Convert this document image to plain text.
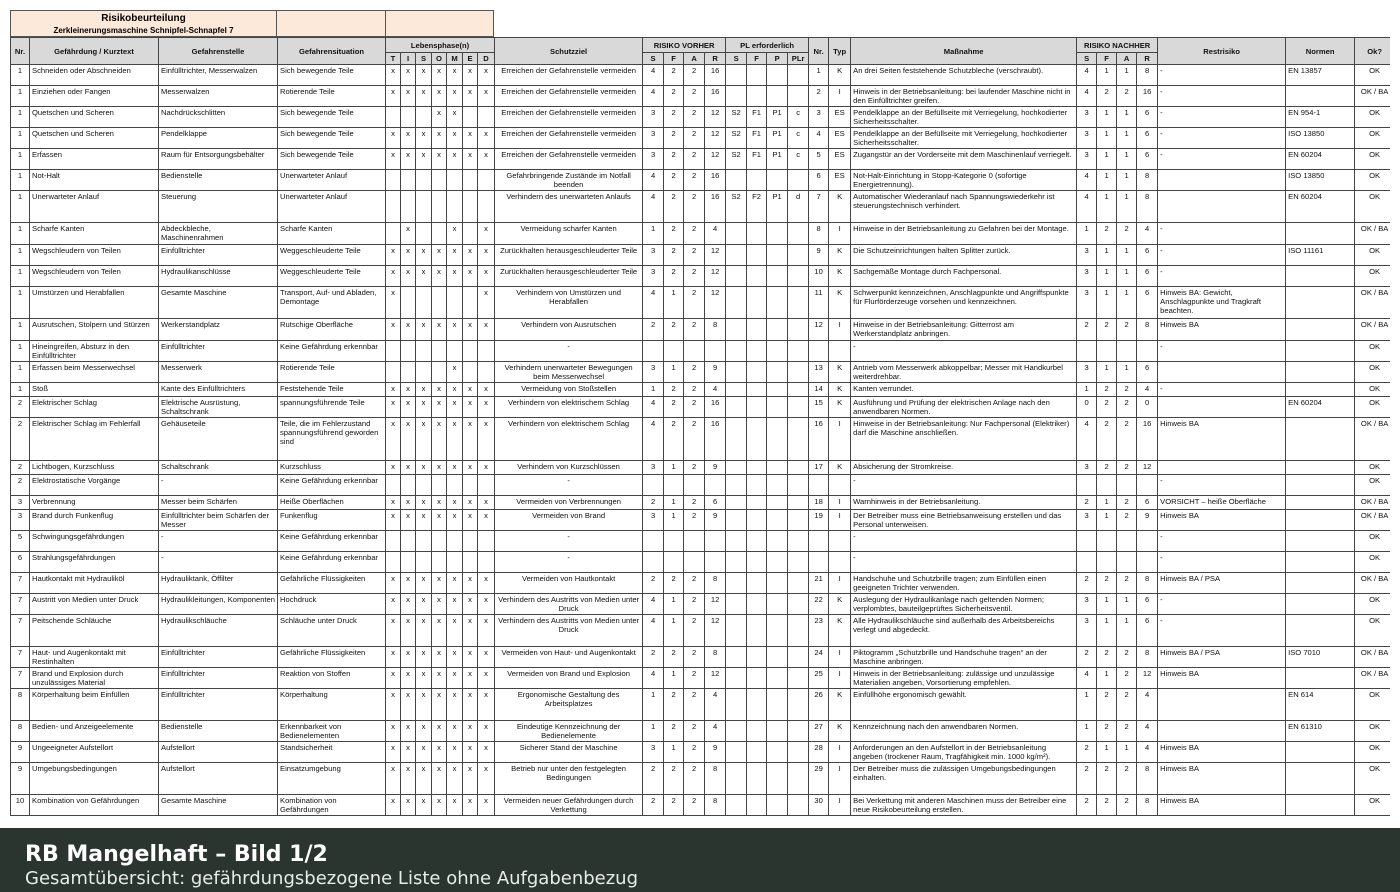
Risikobeurteilung
Zerkleinerungsmaschine Schnipfel-Schnapfel 7
Nr.	Gefährdung / Kurztext	Gefahrenstelle	Gefahrensituation	Lebensphase(n)							Schutzziel	RISIKO VORHER				PL erforderlich				Nr.	Typ	Maßnahme	RISIKO NACHHER				Restrisiko	Normen	Ok?
				T	I	S	O	M	E	D		S	F	A	R	S	F	P	PLr				S	F	A	R			
1	Schneiden oder Abschneiden	Einfülltrichter, Messerwalzen	Sich bewegende Teile	x	x	x	x	x	x	x	Erreichen der Gefahrenstelle vermeiden	4	2	2	16					1	K	An drei Seiten feststehende Schutzbleche (verschraubt).	4	1	1	8	-	EN 13857	OK
1	Einziehen oder Fangen	Messerwalzen	Rotierende Teile	x	x	x	x	x	x	x	Erreichen der Gefahrenstelle vermeiden	4	2	2	16					2	I	Hinweis in der Betriebsanleitung: bei laufender Maschine nicht in den Einfülltrichter greifen.	4	2	2	16	-		OK / BA
1	Quetschen und Scheren	Nachdrückschlitten	Sich bewegende Teile				x	x			Erreichen der Gefahrenstelle vermeiden	3	2	2	12	S2	F1	P1	c	3	ES	Pendelklappe an der Befüllseite mit Verriegelung, hochkodierter Sicherheitsschalter.	3	1	1	6	-	EN 954-1	OK
1	Quetschen und Scheren	Pendelklappe	Sich bewegende Teile	x	x	x	x	x	x	x	Erreichen der Gefahrenstelle vermeiden	3	2	2	12	S2	F1	P1	c	4	ES	Pendelklappe an der Befüllseite mit Verriegelung, hochkodierter Sicherheitsschalter.	3	1	1	6	-	ISO 13850	OK
1	Erfassen	Raum für Entsorgungsbehälter	Sich bewegende Teile	x	x	x	x	x	x	x	Erreichen der Gefahrenstelle vermeiden	3	2	2	12	S2	F1	P1	c	5	ES	Zugangstür an der Vorderseite mit dem Maschinenlauf verriegelt.	3	1	1	6	-	EN 60204	OK
1	Not-Halt	Bedienstelle	Unerwarteter Anlauf								Gefahrbringende Zustände im Notfall beenden	4	2	2	16					6	ES	Not-Halt-Einrichtung in Stopp-Kategorie 0 (sofortige Energietrennung).	4	1	1	8		ISO 13850	OK
1	Unerwarteter Anlauf	Steuerung	Unerwarteter Anlauf								Verhindern des unerwarteten Anlaufs	4	2	2	16	S2	F2	P1	d	7	K	Automatischer Wiederanlauf nach Spannungswiederkehr ist steuerungstechnisch verhindert.	4	1	1	8		EN 60204	OK
1	Scharfe Kanten	Abdeckbleche, Maschinenrahmen	Scharfe Kanten		x			x		x	Vermeidung scharfer Kanten	1	2	2	4					8	I	Hinweise in der Betriebsanleitung zu Gefahren bei der Montage.	1	2	2	4	-		OK / BA
1	Wegschleudern von Teilen	Einfülltrichter	Weggeschleuderte Teile	x	x	x	x	x	x	x	Zurückhalten herausgeschleuderter Teile	3	2	2	12					9	K	Die Schutzeinrichtungen halten Splitter zurück.	3	1	1	6	-	ISO 11161	OK
1	Wegschleudern von Teilen	Hydraulikanschlüsse	Weggeschleuderte Teile	x	x	x	x	x	x	x	Zurückhalten herausgeschleuderter Teile	3	2	2	12					10	K	Sachgemäße Montage durch Fachpersonal.	3	1	1	6	-		OK
1	Umstürzen und Herabfallen	Gesamte Maschine	Transport, Auf- und Abladen, Demontage	x						x	Verhindern von Umstürzen und Herabfallen	4	1	2	12					11	K	Schwerpunkt kennzeichnen, Anschlagpunkte und Angriffspunkte für Flurförderzeuge vorsehen und kennzeichnen.	3	1	1	6	Hinweis BA: Gewicht, Anschlagpunkte und Tragkraft beachten.		OK / BA
1	Ausrutschen, Stolpern und Stürzen	Werkerstandplatz	Rutschige Oberfläche	x	x	x	x	x	x	x	Verhindern von Ausrutschen	2	2	2	8					12	I	Hinweise in der Betriebsanleitung: Gitterrost am Werkerstandplatz anbringen.	2	2	2	8	Hinweis BA		OK / BA
1	Hineingreifen, Absturz in den Einfülltrichter	Einfülltrichter	Keine Gefährdung erkennbar								-											-					-		OK
1	Erfassen beim Messerwechsel	Messerwerk	Rotierende Teile					x			Verhindern unerwarteter Bewegungen beim Messerwechsel	3	1	2	9					13	K	Antrieb vom Messerwerk abkoppelbar; Messer mit Handkurbel weiterdrehbar.	3	1	1	6			OK
1	Stoß	Kante des Einfülltrichters	Feststehende Teile	x	x	x	x	x	x	x	Vermeidung von Stoßstellen	1	2	2	4					14	K	Kanten verrundet.	1	2	2	4	-		OK
2	Elektrischer Schlag	Elektrische Ausrüstung, Schaltschrank	spannungsführende Teile	x	x	x	x	x	x	x	Verhindern von elektrischem Schlag	4	2	2	16					15	K	Ausführung und Prüfung der elektrischen Anlage nach den anwendbaren Normen.	0	2	2	0		EN 60204	OK
2	Elektrischer Schlag im Fehlerfall	Gehäuseteile	Teile, die im Fehlerzustand spannungsführend geworden sind	x	x	x	x	x	x	x	Verhindern von elektrischem Schlag	4	2	2	16					16	I	Hinweise in der Betriebsanleitung: Nur Fachpersonal (Elektriker) darf die Maschine anschließen.	4	2	2	16	Hinweis BA		OK / BA
2	Lichtbogen, Kurzschluss	Schaltschrank	Kurzschluss	x	x	x	x	x	x	x	Verhindern von Kurzschlüssen	3	1	2	9					17	K	Absicherung der Stromkreise.	3	2	2	12			OK
2	Elektrostatische Vorgänge	-	Keine Gefährdung erkennbar								-											-					-		OK
3	Verbrennung	Messer beim Schärfen	Heiße Oberflächen	x	x	x	x	x	x	x	Vermeiden von Verbrennungen	2	1	2	6					18	I	Warnhinweis in der Betriebsanleitung.	2	1	2	6	VORSICHT – heiße Oberfläche		OK / BA
3	Brand durch Funkenflug	Einfülltrichter beim Schärfen der Messer	Funkenflug	x	x	x	x	x	x	x	Vermeiden von Brand	3	1	2	9					19	I	Der Betreiber muss eine Betriebsanweisung erstellen und das Personal unterweisen.	3	1	2	9	Hinweis BA		OK / BA
5	Schwingungsgefährdungen	-	Keine Gefährdung erkennbar								-											-					-		OK
6	Strahlungsgefährdungen	-	Keine Gefährdung erkennbar								-											-					-		OK
7	Hautkontakt mit Hydrauliköl	Hydrauliktank, Öffilter	Gefährliche Flüssigkeiten	x	x	x	x	x	x	x	Vermeiden von Hautkontakt	2	2	2	8					21	I	Handschuhe und Schutzbrille tragen; zum Einfüllen einen geeigneten Trichter verwenden.	2	2	2	8	Hinweis BA / PSA		OK / BA
7	Austritt von Medien unter Druck	Hydraulikleitungen, Komponenten	Hochdruck	x	x	x	x	x	x	x	Verhindern des Austritts von Medien unter Druck	4	1	2	12					22	K	Auslegung der Hydraulikanlage nach geltenden Normen; verplombtes, bauteilgeprüftes Sicherheitsventil.	3	1	1	6	-		OK
7	Peitschende Schläuche	Hydraulikschläuche	Schläuche unter Druck	x	x	x	x	x	x	x	Verhindern des Austritts von Medien unter Druck	4	1	2	12					23	K	Alle Hydraulikschläuche sind außerhalb des Arbeitsbereichs verlegt und abgedeckt.	3	1	1	6	-		OK
7	Haut- und Augenkontakt mit Restinhalten	Einfülltrichter	Gefährliche Flüssigkeiten	x	x	x	x	x	x	x	Vermeiden von Haut- und Augenkontakt	2	2	2	8					24	I	Piktogramm „Schutzbrille und Handschuhe tragen“ an der Maschine anbringen.	2	2	2	8	Hinweis BA / PSA	ISO 7010	OK / BA
7	Brand und Explosion durch unzulässiges Material	Einfülltrichter	Reaktion von Stoffen	x	x	x	x	x	x	x	Vermeiden von Brand und Explosion	4	1	2	12					25	I	Hinweis in der Betriebsanleitung: zulässige und unzulässige Materialien angeben, Vorsortierung empfehlen.	4	1	2	12	Hinweis BA		OK / BA
8	Körperhaltung beim Einfüllen	Einfülltrichter	Körperhaltung	x	x	x	x	x	x	x	Ergonomische Gestaltung des Arbeitsplatzes	1	2	2	4					26	K	Einfüllhöhe ergonomisch gewählt.	1	2	2	4		EN 614	OK
8	Bedien- und Anzeigeelemente	Bedienstelle	Erkennbarkeit von Bedienelementen	x	x	x	x	x	x	x	Eindeutige Kennzeichnung der Bedienelemente	1	2	2	4					27	K	Kennzeichnung nach den anwendbaren Normen.	1	2	2	4		EN 61310	OK
9	Ungeeigneter Aufstellort	Aufstellort	Standsicherheit	x	x	x	x	x	x	x	Sicherer Stand der Maschine	3	1	2	9					28	I	Anforderungen an den Aufstellort in der Betriebsanleitung angeben (trockener Raum, Tragfähigkeit min. 1000 kg/m²).	2	1	1	4	Hinweis BA		OK
9	Umgebungsbedingungen	Aufstellort	Einsatzumgebung	x	x	x	x	x	x	x	Betrieb nur unter den festgelegten Bedingungen	2	2	2	8					29	I	Der Betreiber muss die zulässigen Umgebungsbedingungen einhalten.	2	2	2	8	Hinweis BA		OK
10	Kombination von Gefährdungen	Gesamte Maschine	Kombination von Gefährdungen	x	x	x	x	x	x	x	Vermeiden neuer Gefährdungen durch Verkettung	2	2	2	8					30	I	Bei Verkettung mit anderen Maschinen muss der Betreiber eine neue Risikobeurteilung erstellen.	2	2	2	8	Hinweis BA		OK
RB Mangelhaft – Bild 1/2
Gesamtübersicht: gefährdungsbezogene Liste ohne Aufgabenbezug
